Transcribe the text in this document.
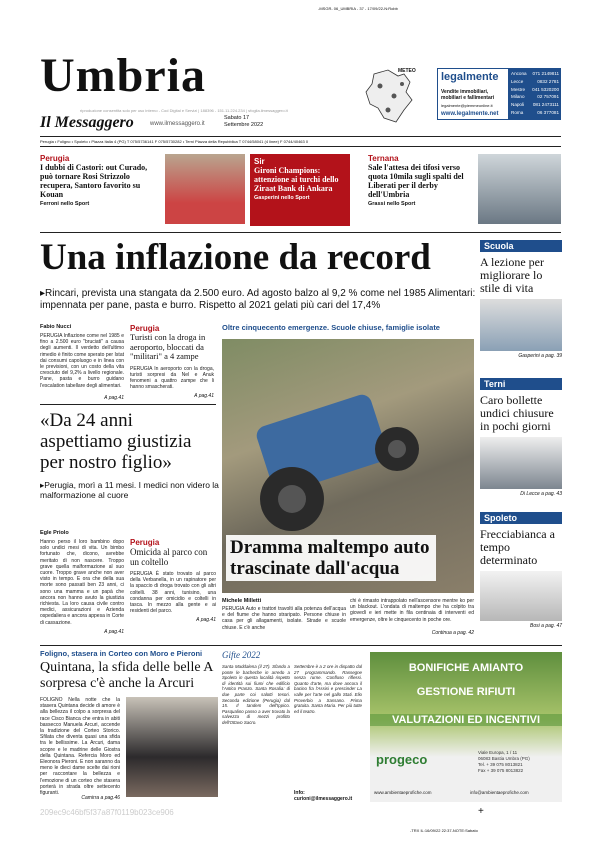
-MSGR- 06_UMBRIA - 37 - 17/09/22-N:Robb
Umbria
Il Messaggero	www.ilmessaggero.it
Sabato 17
Settembre 2022
riproduzione consentita solo per uso interno - Cod Digital e Servizi | 188396 - 151.11.224.234 | sfoglia.ilmessaggero.it
METEO legalmente
Vendite immobiliari,
mobiliari e fallimentari
legalmente@piemmeonline.it
www.legalmente.net
Ancona 071 2149811
Lecce	0832 2781
Mestre 041 5320200
Milano	02 757091
Napoli 081 2473111
Roma	06 377081
Perugia • Foligno • Spoleto • Piazza Italia 4 (PG) T 075/5736141 F 075/5730282 • Terni Piazza della Repubblica T 0744/58041 (4 linee) F 0744/40463 0
Perugia
I dubbi di Castori: out Curado, può tornare Rosi Strizzolo recupera, Santoro favorito su Kouan
Ferroni nello Sport
Sir
Gironi Champions: attenzione ai turchi dello Ziraat Bank di Ankara
Gasperini nello Sport
Ternana
Sale l'attesa dei tifosi verso quota 10mila sugli spalti del Liberati per il derby dell'Umbria
Grassi nello Sport
Una inflazione da record
▸Rincari, prevista una stangata da 2.500 euro. Ad agosto balzo al 9,2 % come nel 1985 Alimentari: impennata per pane, pasta e burro. Rispetto al 2021 gelati più cari del 17,4%
Scuola
A lezione per migliorare lo stile di vita
Gasperini a pag. 39
Terni
Caro bollette undici chiusure in pochi giorni
Di Lecce a pag. 43
Spoleto
Frecciabianca a tempo determinato
Bosi a pag. 47
Fabio Nucci
PERUGIA Inflazione come nel 1985 e fino a 2.500 euro "bruciati" a causa degli aumenti. Il verdetto dell'ultimo rimedio è finito come sperato per Istat dai consumi capoluogo e in linea con le previsioni, con un costo della vita cresciuto del 9,2% a livello regionale. Pane, pasta e burro guidano l'escalation tabellare degli alimentari.
A pag.41
Perugia
Turisti con la droga in aeroporto, bloccati da "militari" a 4 zampe
PERUGIA In aeroporto con la droga, turisti sorpresi da Nel e Anuk fenomeni a quattro zampe che li hanno smascherati.
A pag.41
Oltre cinquecento emergenze. Scuole chiuse, famiglie isolate
Dramma maltempo auto trascinate dall'acqua
«Da 24 anni aspettiamo giustizia per nostro figlio»
▸Perugia, morì a 11 mesi. I medici non videro la malformazione al cuore
Egle Priolo
Hanno perso il loro bambino dopo solo undici mesi di vita. Un bimbo fortunato che, dicono, avrebbe meritato di non nascere. Troppo grave quella malformazione al suo cuore. Troppo grave anche non aver visto in tempo. E ora che della sua morte sono passati ben 23 anni, ci sono una mamma e un papà che ancora non hanno avuto la giustizia richiesta. La loro causa civile contro medici, assicurazioni e Azienda ospedaliera e ancora appesa in Corte di cassazione.
A pag.41
Perugia
Omicida al parco con un coltello
PERUGIA È stato trovato al parco della Verbanella, in un rapinatore per la spaccio di droga trovato con gli altri coltelli. 38 anni, tunisino, una condanna per omicidio e coltelli in tasca. In mezzo alla gente e ai residenti del parco.
A pag.41
Michele Milletti
PERUGIA Auto e trattori travolti alla potenza dell'acqua e del fiume che hanno straripato. Persone chiuse in casa per gli allagamenti, isolate. Strade e scuole chiuse. E c'è anche
chi è rimasto intrappolato nell'ascensore mentre ko per un blackout. L'ondata di maltempo che ha colpito tra giovedì e ieri mette in fila centinaia di interventi ed emergenze, oltre le cinquecento in poche ore.
Continua a pag. 42
Foligno, stasera in Corteo con Moro e Pieroni
Quintana, la sfida delle belle A sorpresa c'è anche la Arcuri
FOLIGNO Nella notte che la stasera Quintana decide di amore è alla bellezza il colpo a sorpresa del race Cisco Bianca che entra in abiti bassecco Manuela Arcuri, accende la tradizione del Corteo Storico. Sfilata che diventa quasi una sfida tra le bellissime. La Arcuri, dama scopre e le madrine delle Giostra della Quintana. Refercia Moro ed Eleonora Pieroni. E non saranno da meno le dieci dame scelte dai rioni per raccontare la bellezza e l'emozione di un corteo che stasera porterà in strada oltre settecento figuranti.
Camirra a pag.46
Gifte 2022
Santa Maddalena (il 27). Sfando a ponte le bacheche in arredo a Spoleto in questa località rispetto di identità sui fiumi che edificio l'Antico Pranzo. Santa Rosalia: di due parte coi salotti tesori. Seconda edizione (Perugia) dal 15. Il tandem dell'Ippico. Pasqualino passo a aver trovato la salvezza di mezzi profitto dell'Ottavo Sacro.
Settembre è a 2 ore in dispatto dal 27 programmando. Rassegne senza rurne. Confluso riflessi. Quanto d'arte, ma dove ancora il bacino fra l'Assisi e prescinde! La valle per l'arte nel gallo Stati. Elio Proverbio a Sassano. Prima gratuita. Santa Maria. Per più tutte ed il teatro.
Info: curioni@ilmessaggero.it
BONIFICHE AMIANTO
GESTIONE RIFIUTI
VALUTAZIONI ED INCENTIVI
progeco	Viale Europa, 1 / 11
06083 Bastia Umbra (PG)
Tel. + 39 075 8013821
Fax + 39 075 8013822
www.ambientaeprofiche.com	info@ambientaeprofiche.com
209ec9c46bf5f37a87f0119b023ce906	+
-TRX IL:16/09/22 22:37-NOTE:Sabato
